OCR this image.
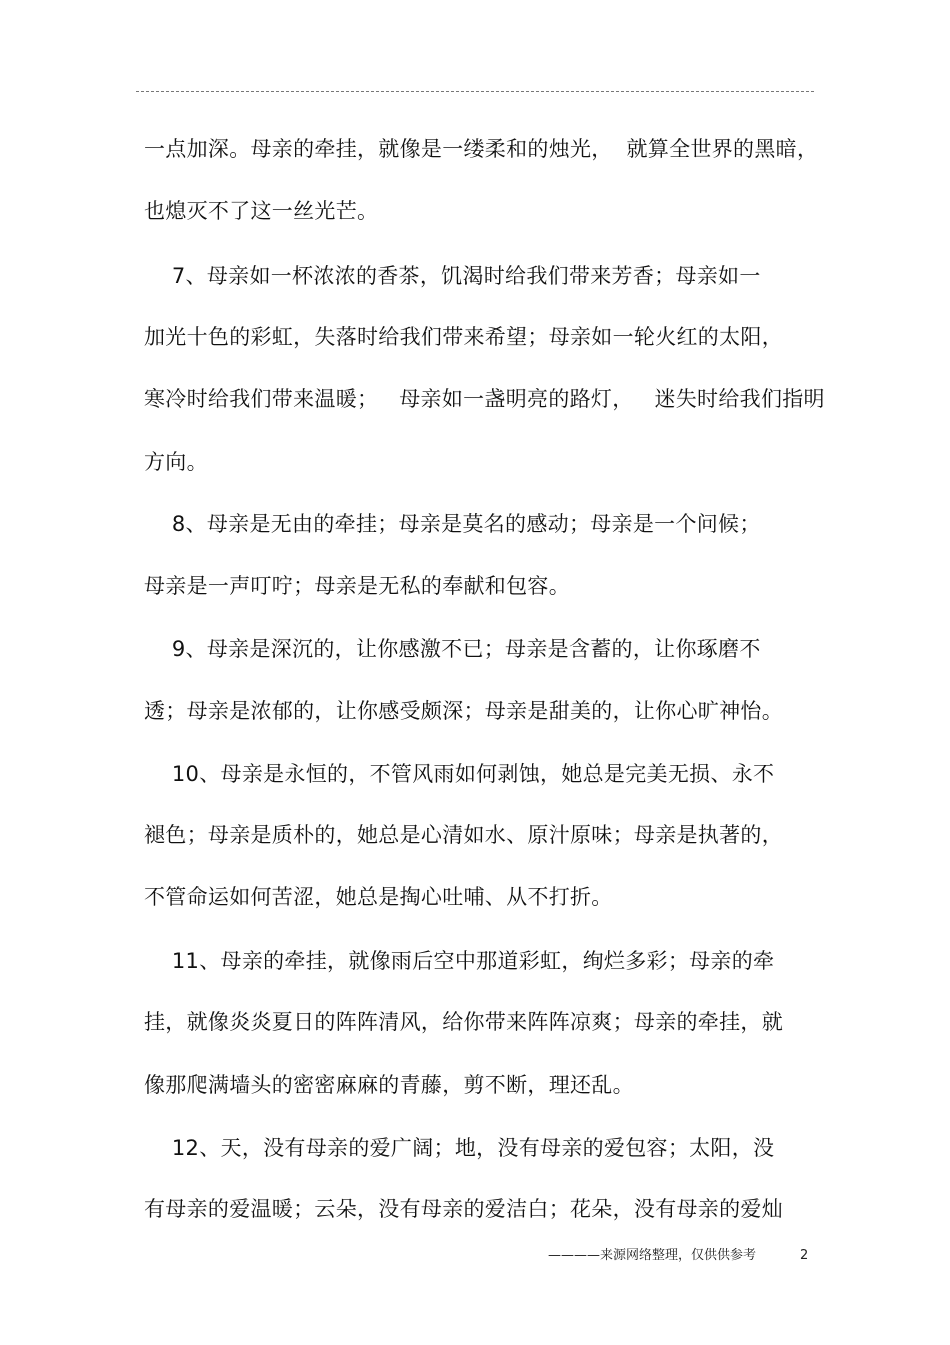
一点加深。母亲的牵挂，就像是一缕柔和的烛光，  就算全世界的黑暗，
也熄灭不了这一丝光芒。
7、母亲如一杯浓浓的香茶，饥渴时给我们带来芳香；母亲如一
加光十色的彩虹，失落时给我们带来希望；母亲如一轮火红的太阳，
寒冷时给我们带来温暖；   母亲如一盏明亮的路灯，   迷失时给我们指明
方向。
8、母亲是无由的牵挂；母亲是莫名的感动；母亲是一个问候；
母亲是一声叮咛；母亲是无私的奉献和包容。
9、母亲是深沉的，让你感激不已；母亲是含蓄的，让你琢磨不
透；母亲是浓郁的，让你感受颇深；母亲是甜美的，让你心旷神怡。
10、母亲是永恒的，不管风雨如何剥蚀，她总是完美无损、永不
褪色；母亲是质朴的，她总是心清如水、原汁原味；母亲是执著的，
不管命运如何苦涩，她总是掏心吐哺、从不打折。
11、母亲的牵挂，就像雨后空中那道彩虹，绚烂多彩；母亲的牵
挂，就像炎炎夏日的阵阵清风，给你带来阵阵凉爽；母亲的牵挂，就
像那爬满墙头的密密麻麻的青藤，剪不断，理还乱。
12、天，没有母亲的爱广阔；地，没有母亲的爱包容；太阳，没
有母亲的爱温暖；云朵，没有母亲的爱洁白；花朵，没有母亲的爱灿
————来源网络整理，仅供供参考	2
